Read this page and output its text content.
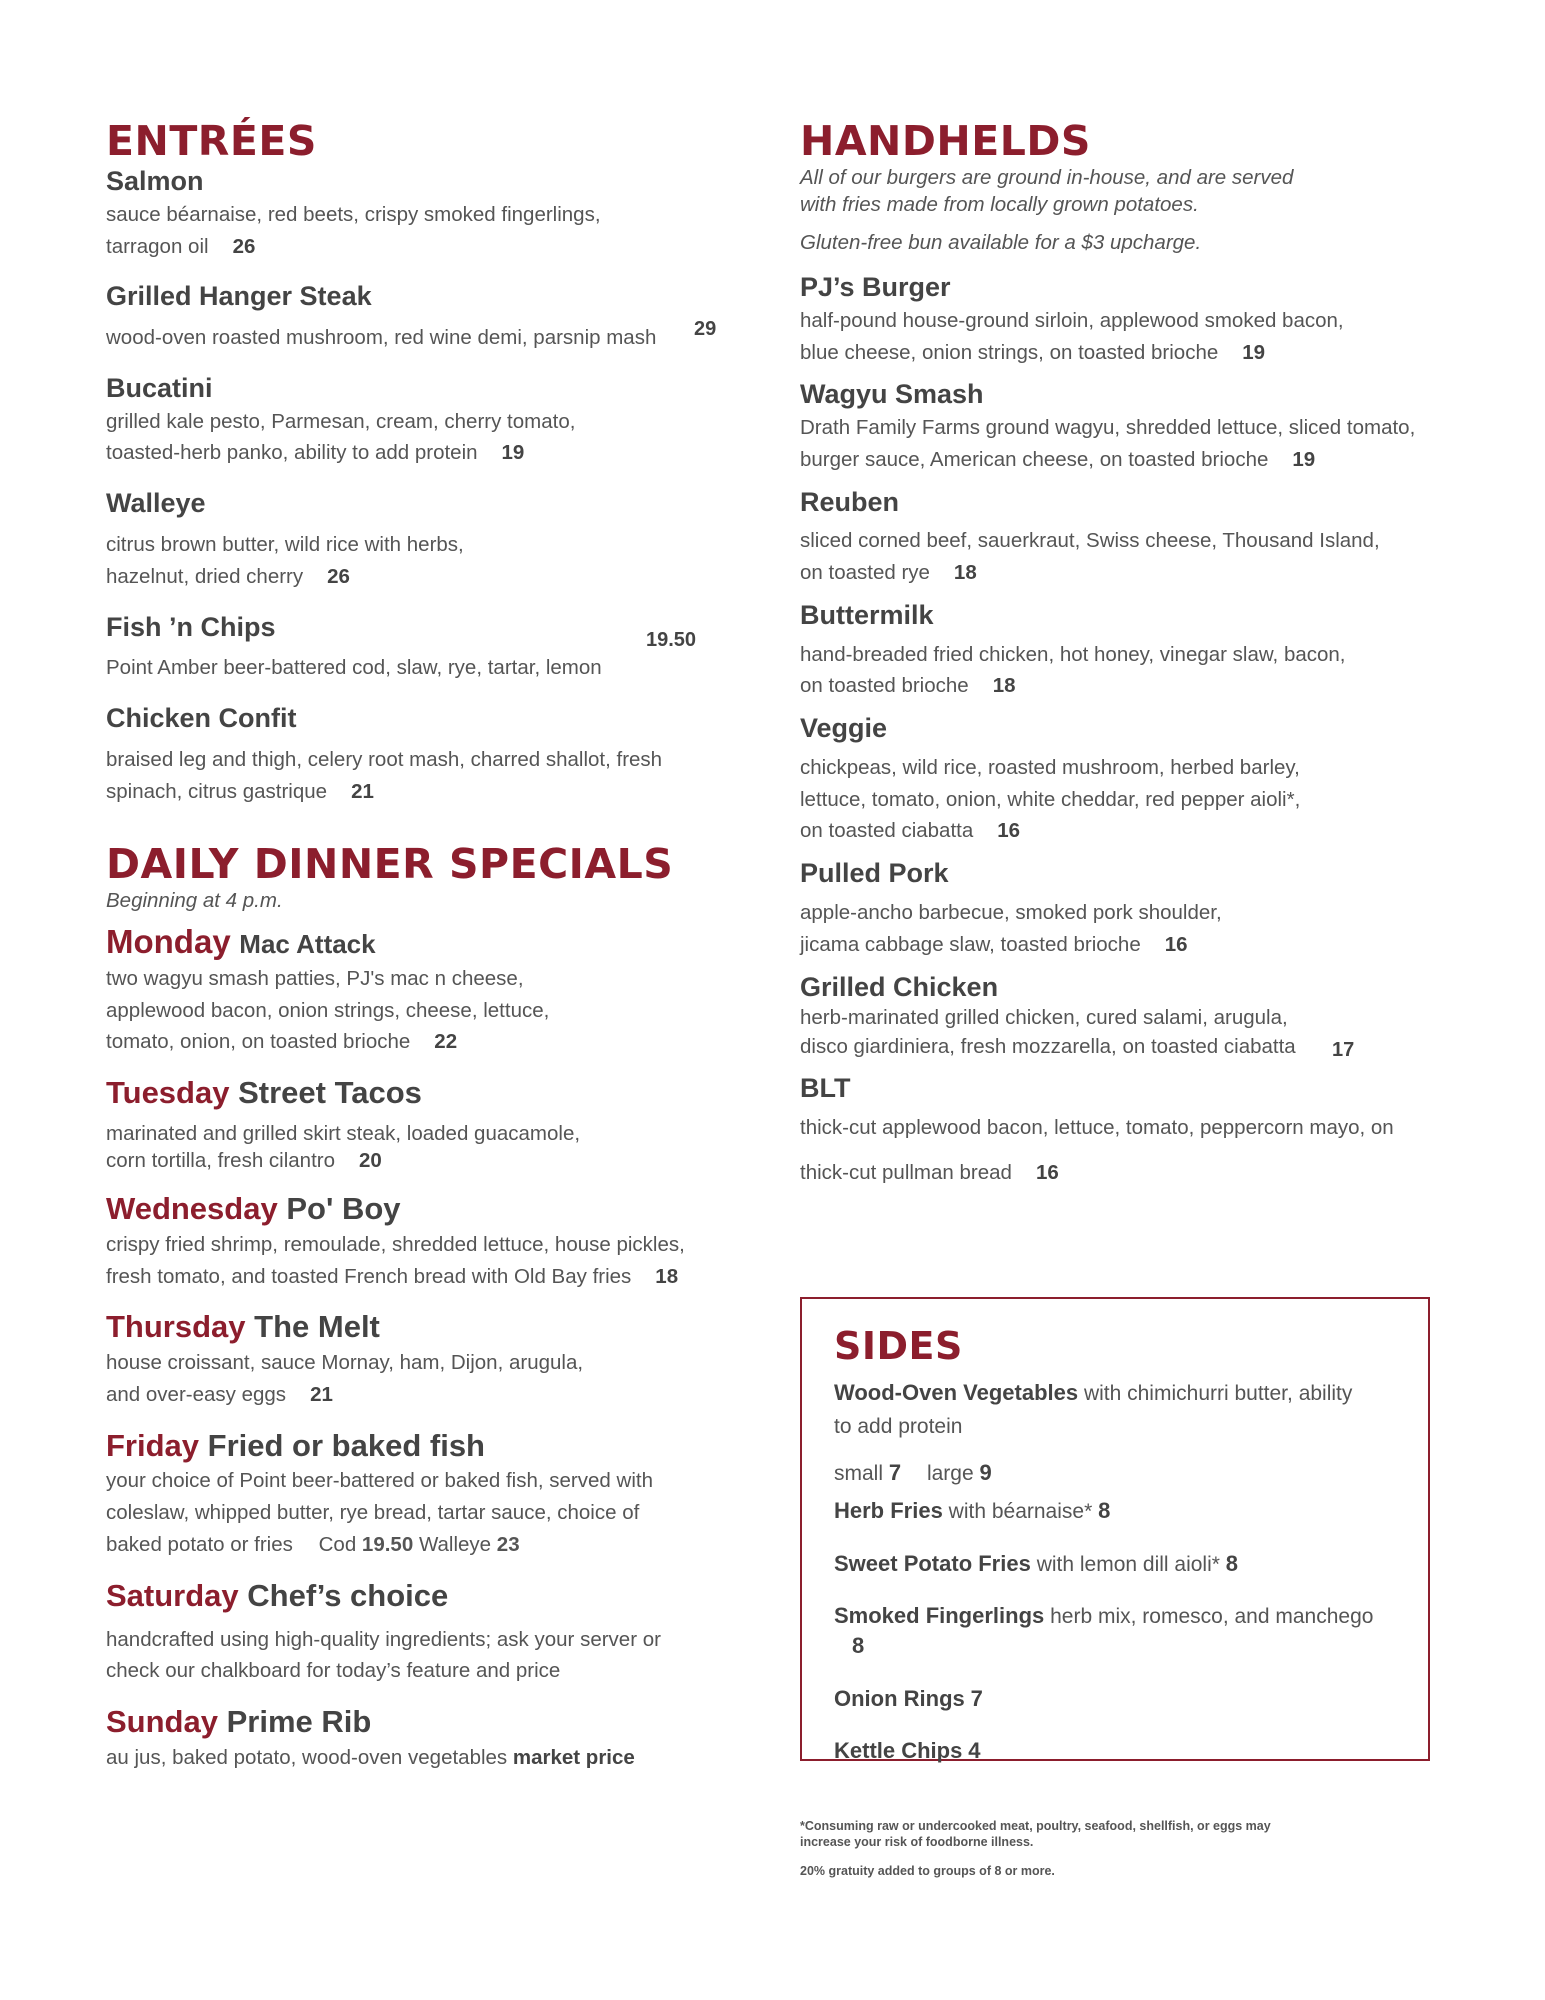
ENTRÉES

Salmon

sauce béarnaise, red beets, crispy smoked fingerlings, tarragon oil 26

Grilled Hanger Steak

wood-oven roasted mushroom, red wine demi, parsnip mash	29

Bucatini

grilled kale pesto, Parmesan, cream, cherry tomato, toasted-herb panko, ability to add protein 19

Walleye

citrus brown butter, wild rice with herbs, hazelnut, dried cherry 26

Fish ’n Chips

Point Amber beer-battered cod, slaw, rye, tartar, lemon

19.50

Chicken Confit

braised leg and thigh, celery root mash, charred shallot, fresh spinach, citrus gastrique 21

DAILY DINNER SPECIALS

Beginning at 4 p.m.

Monday Mac Attack

two wagyu smash patties, PJ's mac n cheese, applewood bacon, onion strings, cheese, lettuce, tomato, onion, on toasted brioche 22

Tuesday Street Tacos

marinated and grilled skirt steak, loaded guacamole, corn tortilla, fresh cilantro 20

Wednesday Po' Boy

crispy fried shrimp, remoulade, shredded lettuce, house pickles, fresh tomato, and toasted French bread with Old Bay fries 18

Thursday The Melt

house croissant, sauce Mornay, ham, Dijon, arugula, and over-easy eggs 21

Friday Fried or baked fish

your choice of Point beer-battered or baked fish, served with coleslaw, whipped butter, rye bread, tartar sauce, choice of baked potato or fries Cod 19.50 Walleye 23

Saturday Chef’s choice

handcrafted using high-quality ingredients; ask your server or check our chalkboard for today’s feature and price

Sunday Prime Rib

au jus, baked potato, wood-oven vegetables market price

HANDHELDS

All of our burgers are ground in-house, and are served with fries made from locally grown potatoes.

Gluten-free bun available for a $3 upcharge.

PJ’s Burger

half-pound house-ground sirloin, applewood smoked bacon, blue cheese, onion strings, on toasted brioche 19

Wagyu Smash

Drath Family Farms ground wagyu, shredded lettuce, sliced tomato, burger sauce, American cheese, on toasted brioche 19

Reuben

sliced corned beef, sauerkraut, Swiss cheese, Thousand Island, on toasted rye 18

Buttermilk

hand-breaded fried chicken, hot honey, vinegar slaw, bacon, on toasted brioche 18

Veggie

chickpeas, wild rice, roasted mushroom, herbed barley, lettuce, tomato, onion, white cheddar, red pepper aioli*, on toasted ciabatta 16

Pulled Pork

apple-ancho barbecue, smoked pork shoulder, jicama cabbage slaw, toasted brioche 16

Grilled Chicken

herb-marinated grilled chicken, cured salami, arugula, disco giardiniera, fresh mozzarella, on toasted ciabatta	17

BLT

thick-cut applewood bacon, lettuce, tomato, peppercorn mayo, on thick-cut pullman bread 16

SIDES

Wood-Oven Vegetables with chimichurri butter, ability to add protein

small 7 large 9

Herb Fries with béarnaise* 8

Sweet Potato Fries with lemon dill aioli* 8

Smoked Fingerlings herb mix, romesco, and manchego 8

Onion Rings 7

Kettle Chips 4

*Consuming raw or undercooked meat, poultry, seafood, shellfish, or eggs may increase your risk of foodborne illness.
20% gratuity added to groups of 8 or more.
